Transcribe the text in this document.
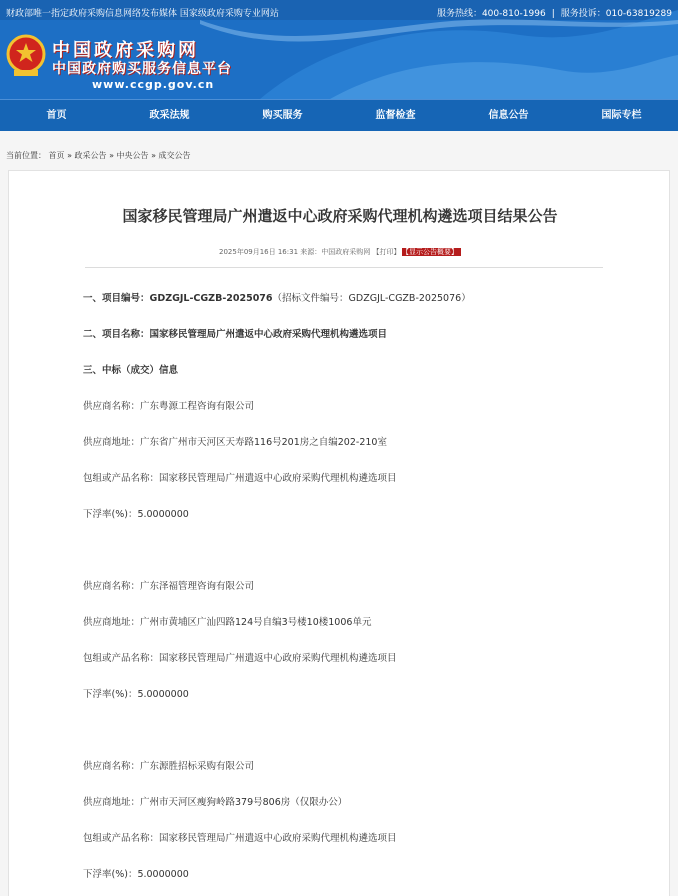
财政部唯一指定政府采购信息网络发布媒体 国家级政府采购专业网站	服务热线：400-810-1996 | 服务投诉：010-63819289
中国政府采购网
中国政府购买服务信息平台
www.ccgp.gov.cn
首页	政采法规	购买服务	监督检查	信息公告	国际专栏
当前位置： 首页 » 政采公告 » 中央公告 » 成交公告
国家移民管理局广州遣返中心政府采购代理机构遴选项目结果公告
2025年09月16日 16:31 来源：中国政府采购网 【打印】 【显示公告概要】
一、项目编号：GDZGJL-CGZB-2025076（招标文件编号：GDZGJL-CGZB-2025076）
二、项目名称：国家移民管理局广州遣返中心政府采购代理机构遴选项目
三、中标（成交）信息
供应商名称：广东粤源工程咨询有限公司
供应商地址：广东省广州市天河区天寿路116号201房之自编202-210室
包组或产品名称：国家移民管理局广州遣返中心政府采购代理机构遴选项目
下浮率(%)：5.0000000
供应商名称：广东泽福管理咨询有限公司
供应商地址：广州市黄埔区广汕四路124号自编3号楼10楼1006单元
包组或产品名称：国家移民管理局广州遣返中心政府采购代理机构遴选项目
下浮率(%)：5.0000000
供应商名称：广东源胜招标采购有限公司
供应商地址：广州市天河区瘦狗岭路379号806房（仅限办公）
包组或产品名称：国家移民管理局广州遣返中心政府采购代理机构遴选项目
下浮率(%)：5.0000000
